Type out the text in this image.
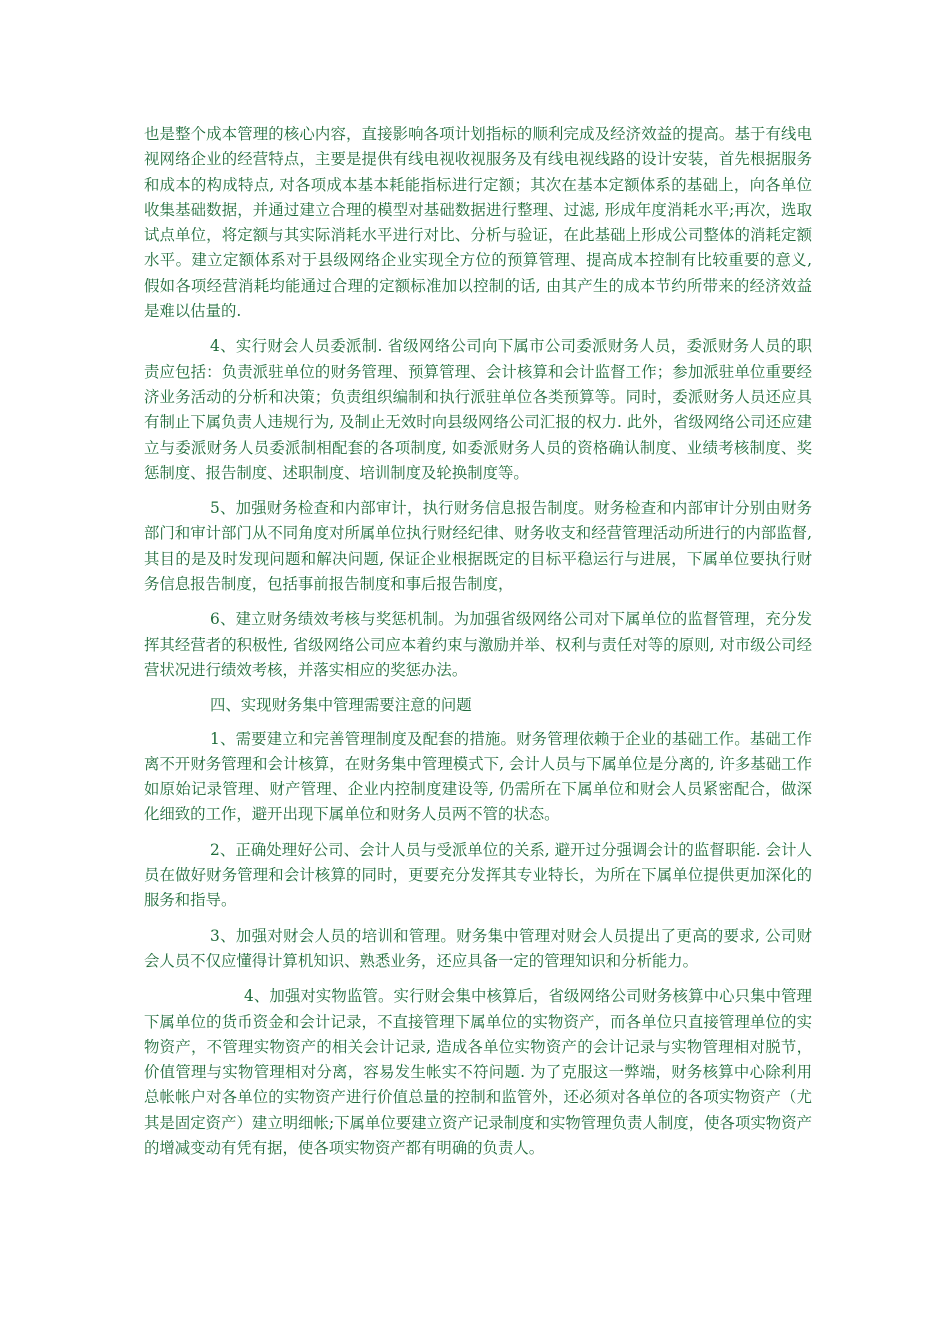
也是整个成本管理的核心内容，直接影响各项计划指标的顺利完成及经济效益的提高。基于有线电视网络企业的经营特点，主要是提供有线电视收视服务及有线电视线路的设计安装，首先根据服务和成本的构成特点, 对各项成本基本耗能指标进行定额；其次在基本定额体系的基础上，向各单位收集基础数据，并通过建立合理的模型对基础数据进行整理、过滤, 形成年度消耗水平;再次，选取试点单位，将定额与其实际消耗水平进行对比、分析与验证，在此基础上形成公司整体的消耗定额水平。建立定额体系对于县级网络企业实现全方位的预算管理、提高成本控制有比较重要的意义, 假如各项经营消耗均能通过合理的定额标准加以控制的话, 由其产生的成本节约所带来的经济效益是难以估量的.

4、实行财会人员委派制. 省级网络公司向下属市公司委派财务人员，委派财务人员的职责应包括：负责派驻单位的财务管理、预算管理、会计核算和会计监督工作；参加派驻单位重要经济业务活动的分析和决策；负责组织编制和执行派驻单位各类预算等。同时，委派财务人员还应具有制止下属负责人违规行为, 及制止无效时向县级网络公司汇报的权力. 此外，省级网络公司还应建立与委派财务人员委派制相配套的各项制度, 如委派财务人员的资格确认制度、业绩考核制度、奖惩制度、报告制度、述职制度、培训制度及轮换制度等。

5、加强财务检查和内部审计，执行财务信息报告制度。财务检查和内部审计分别由财务部门和审计部门从不同角度对所属单位执行财经纪律、财务收支和经营管理活动所进行的内部监督, 其目的是及时发现问题和解决问题, 保证企业根据既定的目标平稳运行与进展，下属单位要执行财务信息报告制度，包括事前报告制度和事后报告制度，

6、建立财务绩效考核与奖惩机制。为加强省级网络公司对下属单位的监督管理，充分发挥其经营者的积极性, 省级网络公司应本着约束与激励并举、权利与责任对等的原则, 对市级公司经营状况进行绩效考核，并落实相应的奖惩办法。

四、实现财务集中管理需要注意的问题

1、需要建立和完善管理制度及配套的措施。财务管理依赖于企业的基础工作。基础工作离不开财务管理和会计核算，在财务集中管理模式下, 会计人员与下属单位是分离的, 许多基础工作如原始记录管理、财产管理、企业内控制度建设等, 仍需所在下属单位和财会人员紧密配合，做深化细致的工作，避开出现下属单位和财务人员两不管的状态。

2、正确处理好公司、会计人员与受派单位的关系, 避开过分强调会计的监督职能. 会计人员在做好财务管理和会计核算的同时，更要充分发挥其专业特长，为所在下属单位提供更加深化的服务和指导。

3、加强对财会人员的培训和管理。财务集中管理对财会人员提出了更高的要求, 公司财会人员不仅应懂得计算机知识、熟悉业务，还应具备一定的管理知识和分析能力。

4、加强对实物监管。实行财会集中核算后，省级网络公司财务核算中心只集中管理下属单位的货币资金和会计记录，不直接管理下属单位的实物资产，而各单位只直接管理单位的实物资产，不管理实物资产的相关会计记录, 造成各单位实物资产的会计记录与实物管理相对脱节，价值管理与实物管理相对分离，容易发生帐实不符问题. 为了克服这一弊端，财务核算中心除利用总帐帐户对各单位的实物资产进行价值总量的控制和监管外，还必须对各单位的各项实物资产（尤其是固定资产）建立明细帐;下属单位要建立资产记录制度和实物管理负责人制度，使各项实物资产的增减变动有凭有据，使各项实物资产都有明确的负责人。
